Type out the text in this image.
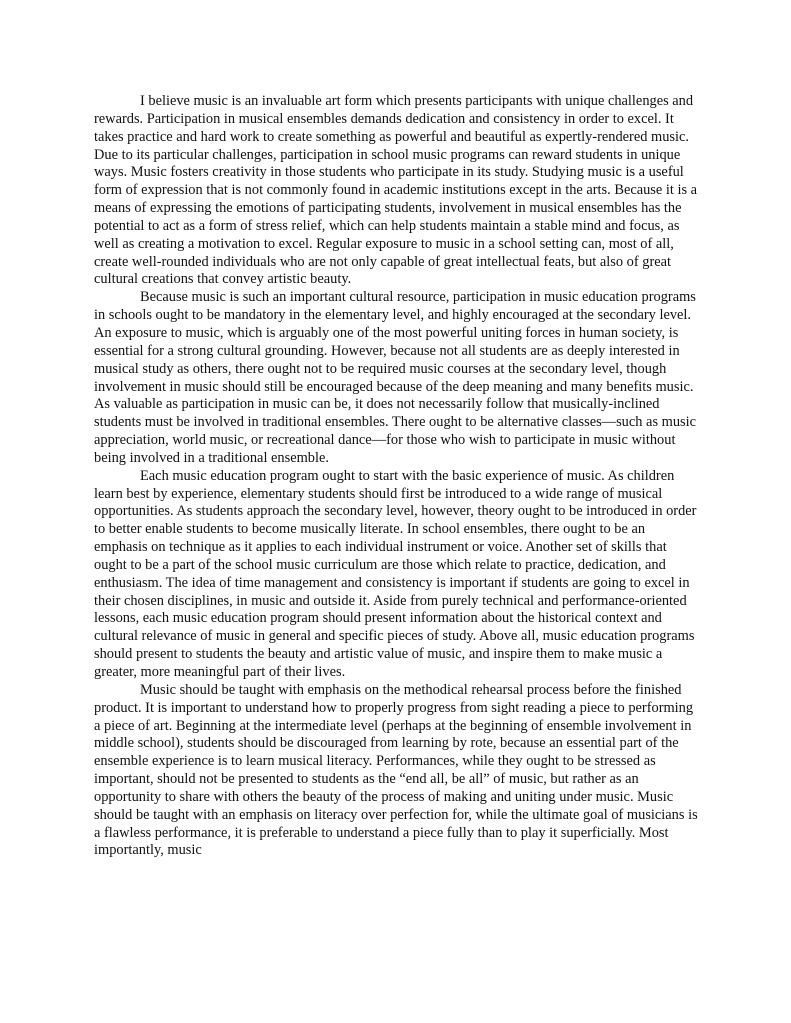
I believe music is an invaluable art form which presents participants with unique challenges and rewards. Participation in musical ensembles demands dedication and consistency in order to excel. It takes practice and hard work to create something as powerful and beautiful as expertly-rendered music. Due to its particular challenges, participation in school music programs can reward students in unique ways. Music fosters creativity in those students who participate in its study. Studying music is a useful form of expression that is not commonly found in academic institutions except in the arts. Because it is a means of expressing the emotions of participating students, involvement in musical ensembles has the potential to act as a form of stress relief, which can help students maintain a stable mind and focus, as well as creating a motivation to excel. Regular exposure to music in a school setting can, most of all, create well-rounded individuals who are not only capable of great intellectual feats, but also of great cultural creations that convey artistic beauty.

Because music is such an important cultural resource, participation in music education programs in schools ought to be mandatory in the elementary level, and highly encouraged at the secondary level. An exposure to music, which is arguably one of the most powerful uniting forces in human society, is essential for a strong cultural grounding. However, because not all students are as deeply interested in musical study as others, there ought not to be required music courses at the secondary level, though involvement in music should still be encouraged because of the deep meaning and many benefits music. As valuable as participation in music can be, it does not necessarily follow that musically-inclined students must be involved in traditional ensembles. There ought to be alternative classes—such as music appreciation, world music, or recreational dance—for those who wish to participate in music without being involved in a traditional ensemble.

Each music education program ought to start with the basic experience of music. As children learn best by experience, elementary students should first be introduced to a wide range of musical opportunities. As students approach the secondary level, however, theory ought to be introduced in order to better enable students to become musically literate. In school ensembles, there ought to be an emphasis on technique as it applies to each individual instrument or voice. Another set of skills that ought to be a part of the school music curriculum are those which relate to practice, dedication, and enthusiasm. The idea of time management and consistency is important if students are going to excel in their chosen disciplines, in music and outside it. Aside from purely technical and performance-oriented lessons, each music education program should present information about the historical context and cultural relevance of music in general and specific pieces of study. Above all, music education programs should present to students the beauty and artistic value of music, and inspire them to make music a greater, more meaningful part of their lives.

Music should be taught with emphasis on the methodical rehearsal process before the finished product. It is important to understand how to properly progress from sight reading a piece to performing a piece of art. Beginning at the intermediate level (perhaps at the beginning of ensemble involvement in middle school), students should be discouraged from learning by rote, because an essential part of the ensemble experience is to learn musical literacy. Performances, while they ought to be stressed as important, should not be presented to students as the “end all, be all” of music, but rather as an opportunity to share with others the beauty of the process of making and uniting under music. Music should be taught with an emphasis on literacy over perfection for, while the ultimate goal of musicians is a flawless performance, it is preferable to understand a piece fully than to play it superficially. Most importantly, music
